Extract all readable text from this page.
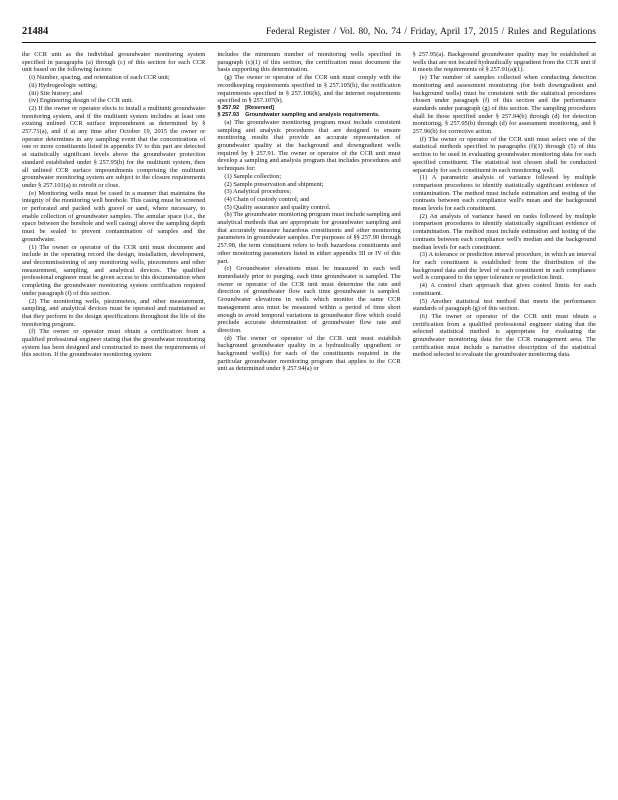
21484	Federal Register / Vol. 80, No. 74 / Friday, April 17, 2015 / Rules and Regulations

the CCR unit as the individual groundwater monitoring system specified in paragraphs (a) through (c) of this section for each CCR unit based on the following factors:

(i) Number, spacing, and orientation of each CCR unit;

(ii) Hydrogeologic setting;

(iii) Site history; and

(iv) Engineering design of the CCR unit.

(2) If the owner or operator elects to install a multiunit groundwater monitoring system, and if the multiunit system includes at least one existing unlined CCR surface impoundment as determined by § 257.71(a), and if at any time after October 19, 2015 the owner or operator determines in any sampling event that the concentrations of one or more constituents listed in appendix IV to this part are detected at statistically significant levels above the groundwater protection standard established under § 257.95(h) for the multiunit system, then all unlined CCR surface impoundments comprising the multiunit groundwater monitoring system are subject to the closure requirements under § 257.101(a) to retrofit or close.

(e) Monitoring wells must be cased in a manner that maintains the integrity of the monitoring well borehole. This casing must be screened or perforated and packed with gravel or sand, where necessary, to enable collection of groundwater samples. The annular space (i.e., the space between the borehole and well casing) above the sampling depth must be sealed to prevent contamination of samples and the groundwater.

(1) The owner or operator of the CCR unit must document and include in the operating record the design, installation, development, and decommissioning of any monitoring wells, piezometers and other measurement, sampling, and analytical devices. The qualified professional engineer must be given access to this documentation when completing the groundwater monitoring system certification required under paragraph (f) of this section.

(2) The monitoring wells, piezometers, and other measurement, sampling, and analytical devices must be operated and maintained so that they perform to the design specifications throughout the life of the monitoring program.

(f) The owner or operator must obtain a certification from a qualified professional engineer stating that the groundwater monitoring system has been designed and constructed to meet the requirements of this section. If the groundwater monitoring system

includes the minimum number of monitoring wells specified in paragraph (c)(1) of this section, the certification must document the basis supporting this determination.

(g) The owner or operator of the CCR unit must comply with the recordkeeping requirements specified in § 257.105(h), the notification requirements specified in § 257.106(h), and the internet requirements specified in § 257.107(h).

§ 257.92 [Reserved]

§ 257.93 Groundwater sampling and analysis requirements.

(a) The groundwater monitoring program must include consistent sampling and analysis procedures that are designed to ensure monitoring results that provide an accurate representation of groundwater quality at the background and downgradient wells required by § 257.91. The owner or operator of the CCR unit must develop a sampling and analysis program that includes procedures and techniques for:

(1) Sample collection;

(2) Sample preservation and shipment;

(3) Analytical procedures;

(4) Chain of custody control; and

(5) Quality assurance and quality control.

(b) The groundwater monitoring program must include sampling and analytical methods that are appropriate for groundwater sampling and that accurately measure hazardous constituents and other monitoring parameters in groundwater samples. For purposes of §§ 257.90 through 257.98, the term constituent refers to both hazardous constituents and other monitoring parameters listed in either appendix III or IV of this part.

(c) Groundwater elevations must be measured in each well immediately prior to purging, each time groundwater is sampled. The owner or operator of the CCR unit must determine the rate and direction of groundwater flow each time groundwater is sampled. Groundwater elevations in wells which monitor the same CCR management area must be measured within a period of time short enough to avoid temporal variations in groundwater flow which could preclude accurate determination of groundwater flow rate and direction.

(d) The owner or operator of the CCR unit must establish background groundwater quality in a hydraulically upgradient or background well(s) for each of the constituents required in the particular groundwater monitoring program that applies to the CCR unit as determined under § 257.94(a) or

§ 257.95(a). Background groundwater quality may be established at wells that are not located hydraulically upgradient from the CCR unit if it meets the requirements of § 257.91(a)(1).

(e) The number of samples collected when conducting detection monitoring and assessment monitoring (for both downgradient and background wells) must be consistent with the statistical procedures chosen under paragraph (f) of this section and the performance standards under paragraph (g) of this section. The sampling procedures shall be those specified under § 257.94(b) through (d) for detection monitoring, § 257.95(b) through (d) for assessment monitoring, and § 257.96(b) for corrective action.

(f) The owner or operator of the CCR unit must select one of the statistical methods specified in paragraphs (f)(1) through (5) of this section to be used in evaluating groundwater monitoring data for each specified constituent. The statistical test chosen shall be conducted separately for each constituent in each monitoring well.

(1) A parametric analysis of variance followed by multiple comparison procedures to identify statistically significant evidence of contamination. The method must include estimation and testing of the contrasts between each compliance well's mean and the background mean levels for each constituent.

(2) An analysis of variance based on ranks followed by multiple comparison procedures to identify statistically significant evidence of contamination. The method must include estimation and testing of the contrasts between each compliance well's median and the background median levels for each constituent.

(3) A tolerance or prediction interval procedure, in which an interval for each constituent is established from the distribution of the background data and the level of each constituent in each compliance well is compared to the upper tolerance or prediction limit.

(4) A control chart approach that gives control limits for each constituent.

(5) Another statistical test method that meets the performance standards of paragraph (g) of this section.

(6) The owner or operator of the CCR unit must obtain a certification from a qualified professional engineer stating that the selected statistical method is appropriate for evaluating the groundwater monitoring data for the CCR management area. The certification must include a narrative description of the statistical method selected to evaluate the groundwater monitoring data.
